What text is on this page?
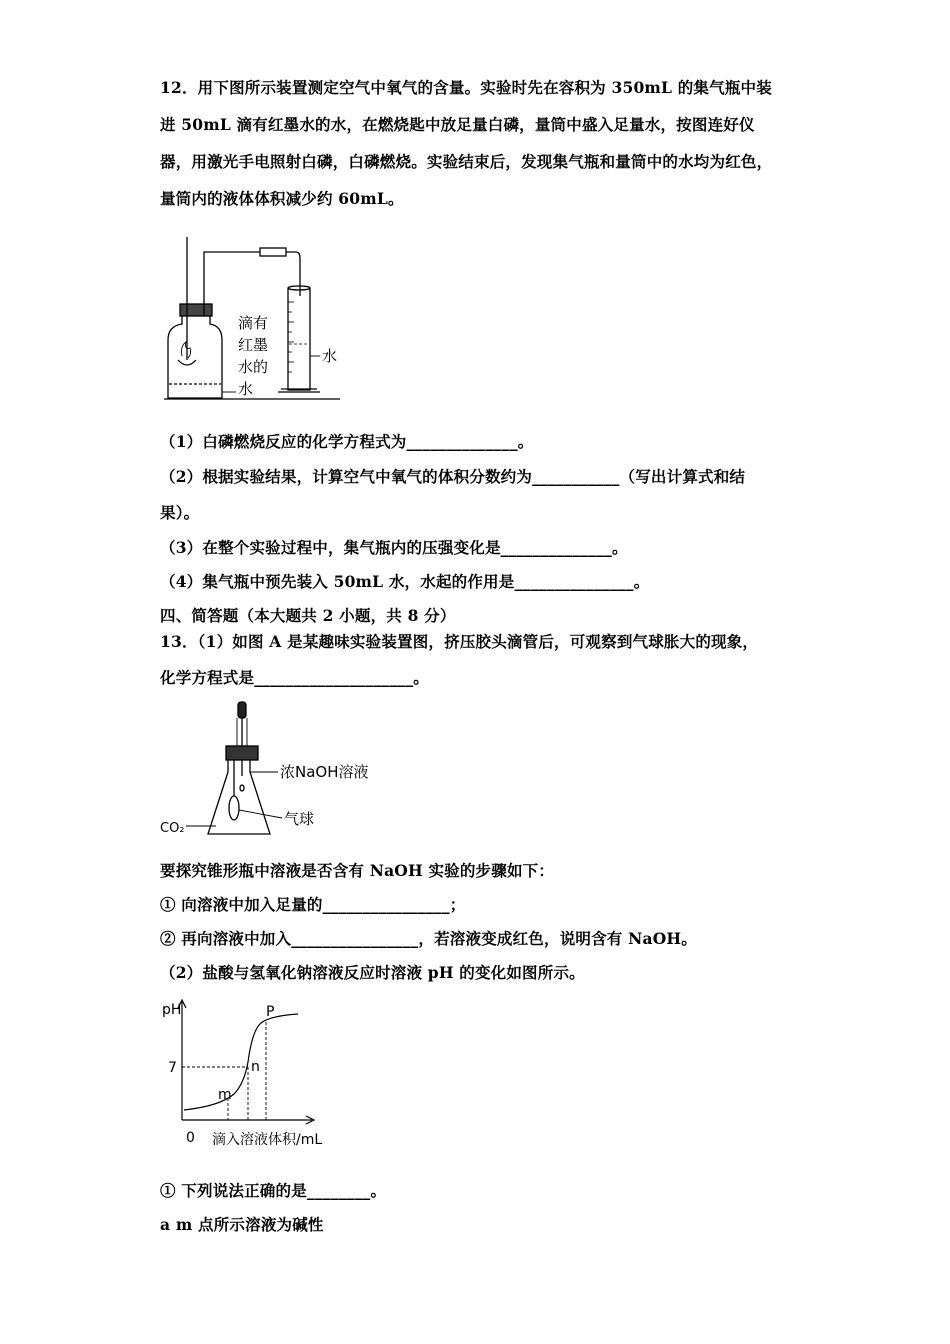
12．用下图所示装置测定空气中氧气的含量。实验时先在容积为 350mL 的集气瓶中装
进 50mL 滴有红墨水的水，在燃烧匙中放足量白磷，量筒中盛入足量水，按图连好仪
器，用激光手电照射白磷，白磷燃烧。实验结束后，发现集气瓶和量筒中的水均为红色，
量筒内的液体体积减少约 60mL。
滴有
红墨
水的
水
水
（1）白磷燃烧反应的化学方程式为______________。
（2）根据实验结果，计算空气中氧气的体积分数约为___________（写出计算式和结
果）。
（3）在整个实验过程中，集气瓶内的压强变化是______________。
（4）集气瓶中预先装入 50mL 水，水起的作用是_______________。
四、简答题（本大题共 2 小题，共 8 分）
13．（1）如图 A 是某趣味实验装置图，挤压胶头滴管后，可观察到气球胀大的现象，
化学方程式是____________________。
浓NaOH溶液
气球
CO₂
要探究锥形瓶中溶液是否含有 NaOH 实验的步骤如下：
① 向溶液中加入足量的________________；
② 再向溶液中加入________________，若溶液变成红色，说明含有 NaOH。
（2）盐酸与氢氧化钠溶液反应时溶液 pH 的变化如图所示。
pH
7
0
P
n
m
滴入溶液体积/mL
① 下列说法正确的是________。
a m 点所示溶液为碱性
